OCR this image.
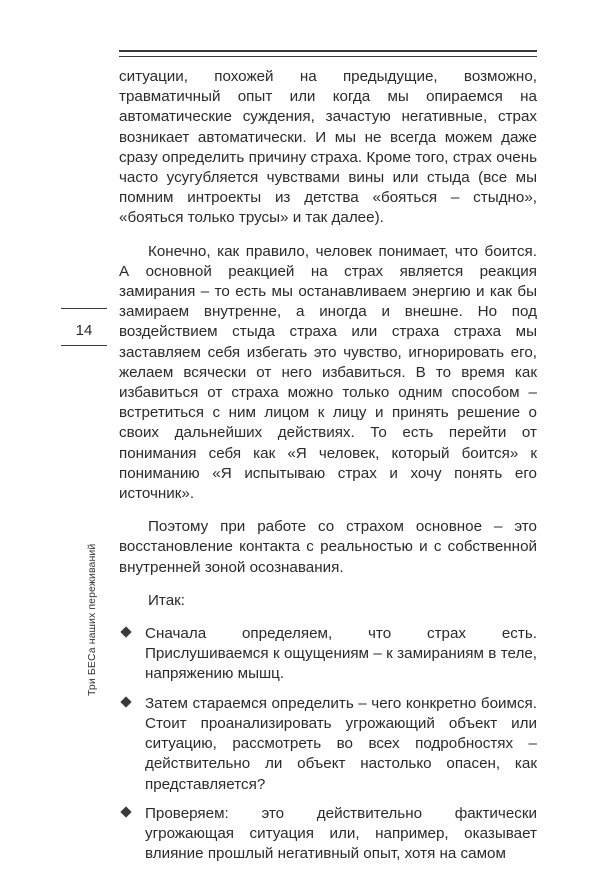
14
Три БЕСа наших переживаний

ситуации, похожей на предыдущие, возможно, травматичный опыт или когда мы опираемся на автоматические суждения, зачастую негативные, страх возникает автоматически. И мы не всегда можем даже сразу определить причину страха. Кроме того, страх очень часто усугубляется чувствами вины или стыда (все мы помним интроекты из детства «бояться – стыдно», «бояться только трусы» и так далее).

Конечно, как правило, человек понимает, что боится. А основной реакцией на страх является реакция замирания – то есть мы останавливаем энергию и как бы замираем внутренне, а иногда и внешне. Но под воздействием стыда страха или страха страха мы заставляем себя избегать это чувство, игнорировать его, желаем всячески от него избавиться. В то время как избавиться от страха можно только одним способом – встретиться с ним лицом к лицу и принять решение о своих дальнейших действиях. То есть перейти от понимания себя как «Я человек, который боится» к пониманию «Я испытываю страх и хочу понять его источник».

Поэтому при работе со страхом основное – это восстановление контакта с реальностью и с собственной внутренней зоной осознавания.

Итак:

Сначала определяем, что страх есть. Прислушиваемся к ощущениям – к замираниям в теле, напряжению мышц.
Затем стараемся определить – чего конкретно боимся. Стоит проанализировать угрожающий объект или ситуацию, рассмотреть во всех подробностях – действительно ли объект настолько опасен, как представляется?
Проверяем: это действительно фактически угрожающая ситуация или, например, оказывает влияние прошлый негативный опыт, хотя на самом
